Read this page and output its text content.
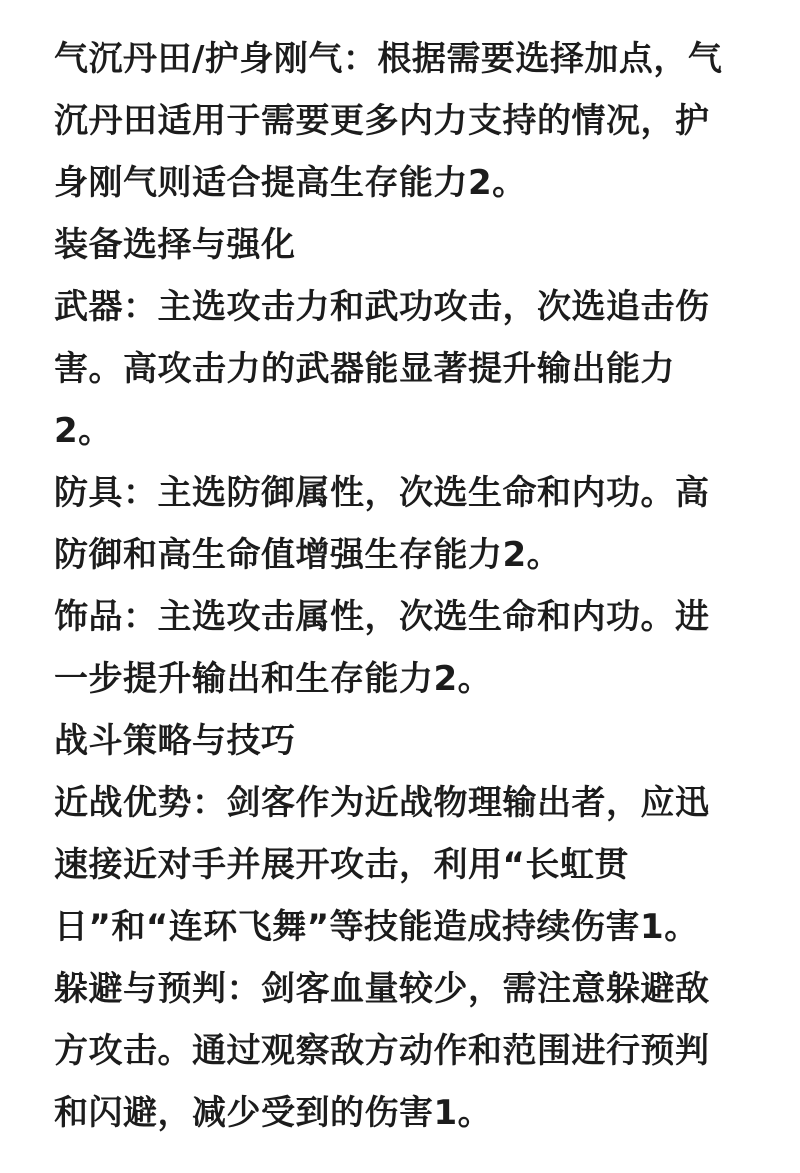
气沉丹田/护身刚气：根据需要选择加点，气
沉丹田适用于需要更多内力支持的情况，护
身刚气则适合提高生存能力2。
装备选择与强化
武器：主选攻击力和武功攻击，次选追击伤
害。高攻击力的武器能显著提升输出能力
2。
防具：主选防御属性，次选生命和内功。高
防御和高生命值增强生存能力2。
饰品：主选攻击属性，次选生命和内功。进
一步提升输出和生存能力2。
战斗策略与技巧
近战优势：剑客作为近战物理输出者，应迅
速接近对手并展开攻击，利用“长虹贯
日”和“连环飞舞”等技能造成持续伤害1。
躲避与预判：剑客血量较少，需注意躲避敌
方攻击。通过观察敌方动作和范围进行预判
和闪避，减少受到的伤害1。
